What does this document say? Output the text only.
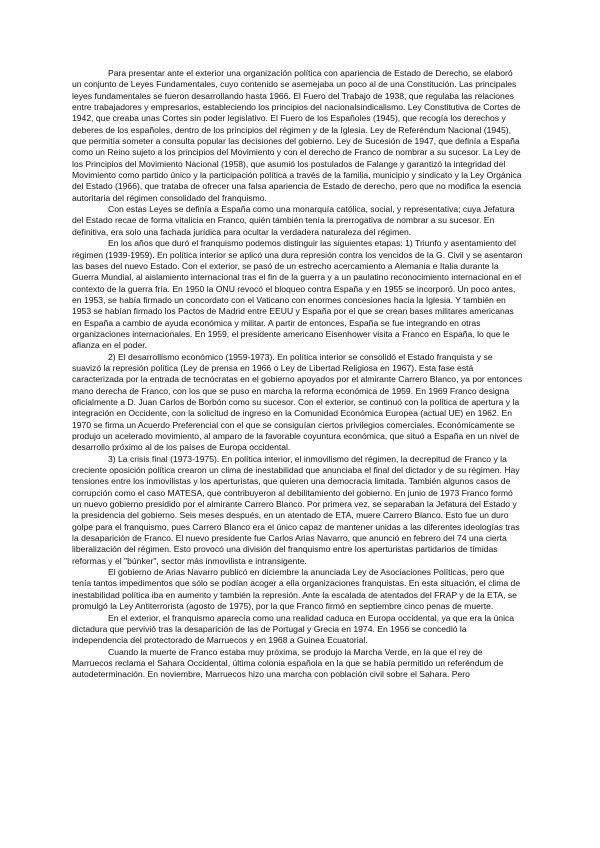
Para presentar ante el exterior una organización política con apariencia de Estado de Derecho, se elaboró un conjunto de Leyes Fundamentales, cuyo contenido se asemejaba un poco al de una Constitución. Las principales leyes fundamentales se fueron desarrollando hasta 1966. El Fuero del Trabajo de 1938, que regulaba las relaciones entre trabajadores y empresarios, estableciendo los principios del nacionalsindicalismo. Ley Constitutiva de Cortes de 1942, que creaba unas Cortes sin poder legislativo. El Fuero de los Españoles (1945), que recogía los derechos y deberes de los españoles, dentro de los principios del régimen y de la Iglesia. Ley de Referéndum Nacional (1945), que permitía someter a consulta popular las decisiones del gobierno. Ley de Sucesión de 1947, que definía a España como un Reino sujeto a los principios del Movimiento y con el derecho de Franco de nombrar a su sucesor. La Ley de los Principios del Movimiento Nacional (1958), que asumió los postulados de Falange y garantizó la integridad del Movimiento como partido único y la participación política a través de la familia, municipio y sindicato y la Ley Orgánica del Estado (1966), que trataba de ofrecer una falsa apariencia de Estado de derecho, pero que no modifica la esencia autoritaria del régimen consolidado del franquismo.

Con estas Leyes se definía a España como una monarquía católica, social, y representativa; cuya Jefatura del Estado recae de forma vitalicia en Franco, quién también tenía la prerrogativa de nombrar a su sucesor. En definitiva, era solo una fachada jurídica para ocultar la verdadera naturaleza del régimen.

En los años que duró el franquismo podemos distinguir las siguientes etapas: 1) Triunfo y asentamiento del régimen (1939-1959). En política interior se aplicó una dura represión contra los vencidos de la G. Civil y se asentaron las bases del nuevo Estado. Con el exterior, se pasó de un estrecho acercamiento a Alemania e Italia durante la Guerra Mundial, al aislamiento internacional tras el fin de la guerra y a un paulatino reconocimiento internacional en el contexto de la guerra fría. En 1950 la ONU revocó el bloqueo contra España y en 1955 se incorporó. Un poco antes, en 1953, se había firmado un concordato con el Vaticano con enormes concesiones hacia la Iglesia. Y también en 1953 se habían firmado los Pactos de Madrid entre EEUU y España por el que se crean bases militares americanas en España a cambio de ayuda económica y militar. A partir de entonces, España se fue integrando en otras organizaciones internacionales. En 1959, el presidente americano Eisenhower visita a Franco en España, lo que le afianza en el poder.

2) El desarrollismo económico (1959-1973). En política interior se consolidó el Estado franquista y se suavizó la represión política (Ley de prensa en 1966 o Ley de Libertad Religiosa en 1967). Esta fase está caracterizada por la entrada de tecnócratas en el gobierno apoyados por el almirante Carrero Blanco, ya por entonces mano derecha de Franco, con los que se puso en marcha la reforma económica de 1959. En 1969 Franco designa oficialmente a D. Juan Carlos de Borbón como su sucesor. Con el exterior, se continuó con la política de apertura y la integración en Occidente, con la solicitud de ingreso en la Comunidad Económica Europea (actual UE) en 1962. En 1970 se firma un Acuerdo Preferencial con el que se consiguían ciertos privilegios comerciales. Económicamente se produjo un acelerado movimiento, al amparo de la favorable coyuntura económica, que situó a España en un nivel de desarrollo próximo al de los países de Europa occidental.

3) La crisis final (1973-1975). En política interior, el inmovilismo del régimen, la decrepitud de Franco y la creciente oposición política crearon un clima de inestabilidad que anunciaba el final del dictador y de su régimen. Hay tensiones entre los inmovilistas y los aperturistas, que quieren una democracia limitada. También algunos casos de corrupción como el caso MATESA, que contribuyeron al debilitamiento del gobierno. En junio de 1973 Franco formó un nuevo gobierno presidido por el almirante Carrero Blanco. Por primera vez, se separaban la Jefatura del Estado y la presidencia del gobierno. Seis meses después, en un atentado de ETA, muere Carrero Blanco. Esto fue un duro golpe para el franquismo, pues Carrero Blanco era el único capaz de mantener unidas a las diferentes ideologías tras la desaparición de Franco. El nuevo presidente fue Carlos Arias Navarro, que anunció en febrero del 74 una cierta liberalización del régimen. Esto provocó una división del franquismo entre los aperturistas partidarios de tímidas reformas y el "búnker", sector más inmovilista e intransigente.

El gobierno de Arias Navarro publicó en diciembre la anunciada Ley de Asociaciones Políticas, pero que tenía tantos impedimentos que sólo se podían acoger a ella organizaciones franquistas. En esta situación, el clima de inestabilidad política iba en aumento y también la represión. Ante la escalada de atentados del FRAP y de la ETA, se promulgó la Ley Antiterrorista (agosto de 1975), por la que Franco firmó en septiembre cinco penas de muerte.

En el exterior, el franquismo aparecía como una realidad caduca en Europa occidental, ya que era la única dictadura que pervivió tras la desaparición de las de Portugal y Grecia en 1974. En 1956 se concedió la independencia del protectorado de Marruecos y en 1968 a Guinea Ecuatorial.

Cuando la muerte de Franco estaba muy próxima, se produjo la Marcha Verde, en la que el rey de Marruecos reclama el Sahara Occidental, última colonia española en la que se había permitido un referéndum de autodeterminación. En noviembre, Marruecos hizo una marcha con población civil sobre el Sahara. Pero
